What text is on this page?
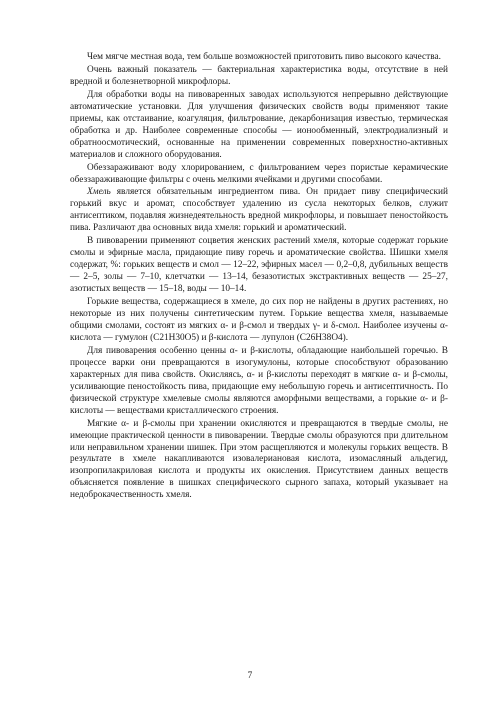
Чем мягче местная вода, тем больше возможностей приготовить пиво высокого качества.

Очень важный показатель — бактериальная характеристика воды, отсутствие в ней вредной и болезнетворной микрофлоры.

Для обработки воды на пивоваренных заводах используются непрерывно действующие автоматические установки. Для улучшения физических свойств воды применяют такие приемы, как отстаивание, коагуляция, фильтрование, декарбонизация известью, термическая обработка и др. Наиболее современные способы — ионообменный, электродиализный и обратноосмотический, основанные на применении современных поверхностно-активных материалов и сложного оборудования.

Обеззараживают воду хлорированием, с фильтрованием через пористые керамические обеззараживающие фильтры с очень мелкими ячейками и другими способами.

Хмель является обязательным ингредиентом пива. Он придает пиву специфический горький вкус и аромат, способствует удалению из сусла некоторых белков, служит антисептиком, подавляя жизнедеятельность вредной микрофлоры, и повышает пеностойкость пива. Различают два основных вида хмеля: горький и ароматический.

В пивоварении применяют соцветия женских растений хмеля, которые содержат горькие смолы и эфирные масла, придающие пиву горечь и ароматические свойства. Шишки хмеля содержат, %: горьких веществ и смол — 12–22, эфирных масел — 0,2–0,8, дубильных веществ — 2–5, золы — 7–10, клетчатки — 13–14, безазотистых экстрактивных веществ — 25–27, азотистых веществ — 15–18, воды — 10–14.

Горькие вещества, содержащиеся в хмеле, до сих пор не найдены в других растениях, но некоторые из них получены синтетическим путем. Горькие вещества хмеля, называемые общими смолами, состоят из мягких α- и β-смол и твердых γ- и δ-смол. Наиболее изучены α-кислота — гумулон (C21H30O5) и β-кислота — лупулон (C26H38O4).

Для пивоварения особенно ценны α- и β-кислоты, обладающие наибольшей горечью. В процессе варки они превращаются в изогумулоны, которые способствуют образованию характерных для пива свойств. Окисляясь, α- и β-кислоты переходят в мягкие α- и β-смолы, усиливающие пеностойкость пива, придающие ему небольшую горечь и антисептичность. По физической структуре хмелевые смолы являются аморфными веществами, а горькие α- и β-кислоты — веществами кристаллического строения.

Мягкие α- и β-смолы при хранении окисляются и превращаются в твердые смолы, не имеющие практической ценности в пивоварении. Твердые смолы образуются при длительном или неправильном хранении шишек. При этом расщепляются и молекулы горьких веществ. В результате в хмеле накапливаются изовалериановая кислота, изомасляный альдегид, изопропилакриловая кислота и продукты их окисления. Присутствием данных веществ объясняется появление в шишках специфического сырного запаха, который указывает на недоброкачественность хмеля.

7
